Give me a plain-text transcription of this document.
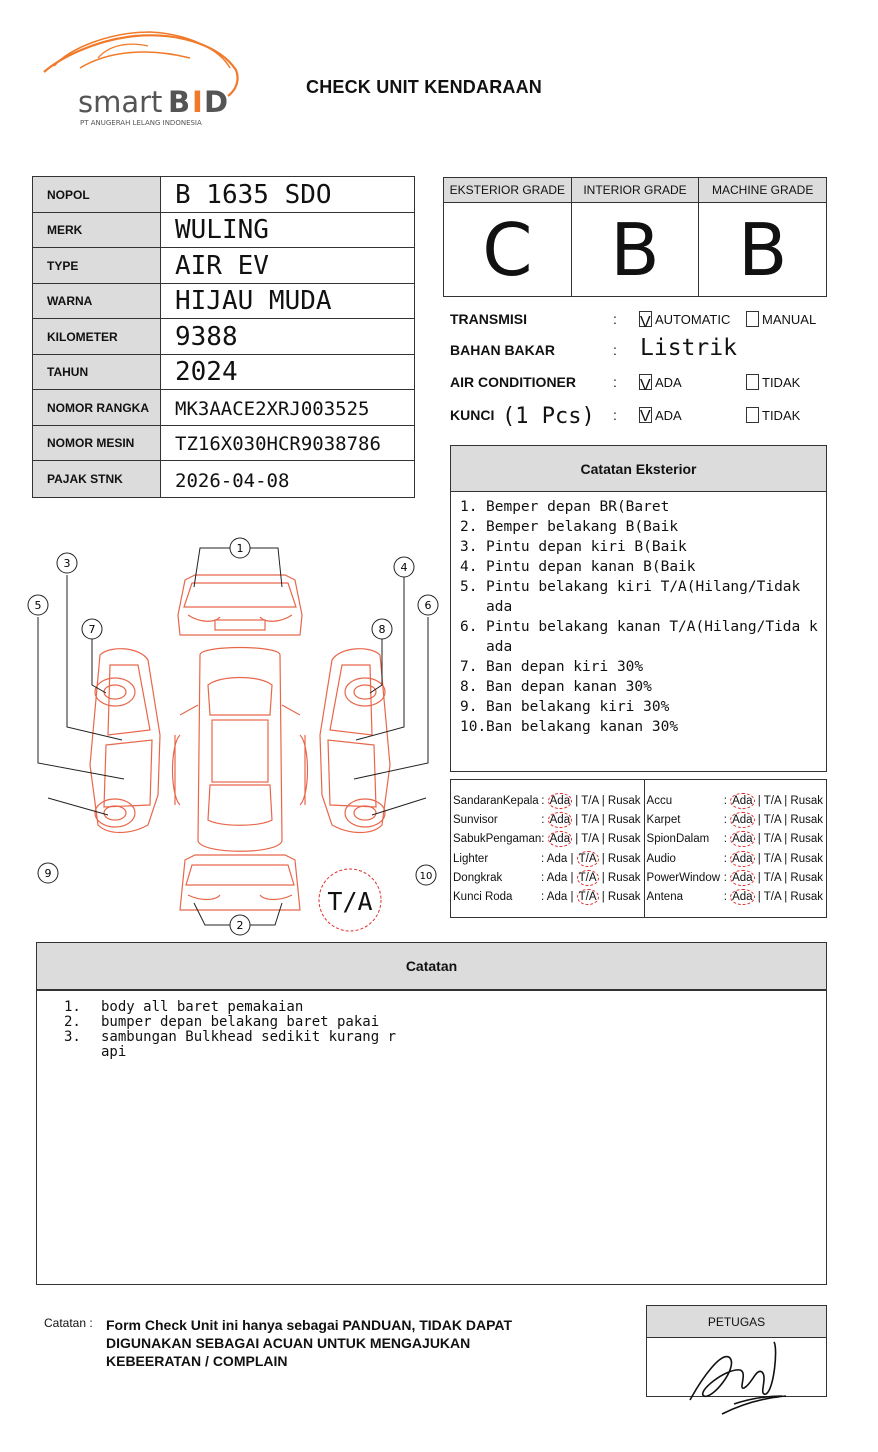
smart B I D
PT ANUGERAH LELANG INDONESIA
CHECK UNIT KENDARAAN
NOPOL	B 1635 SDO
MERK	WULING
TYPE	AIR EV
WARNA	HIJAU MUDA
KILOMETER	9388
TAHUN	2024
NOMOR RANGKA	MK3AACE2XRJ003525
NOMOR MESIN	TZ16X030HCR9038786
PAJAK STNK	2026-04-08
EKSTERIOR GRADE
C
INTERIOR GRADE
B
MACHINE GRADE
B
TRANSMISI	: V AUTOMATIC MANUAL
BAHAN BAKAR	: Listrik
AIR CONDITIONER	: V ADA	TIDAK
KUNCI (1 Pcs) : V ADA	TIDAK
Catatan Eksterior
1. Bemper depan BR(Baret
2. Bemper belakang B(Baik
3. Pintu depan kiri B(Baik
4. Pintu depan kanan B(Baik
5. Pintu belakang kiri T/A(Hilang/Tidak ada
6. Pintu belakang kanan T/A(Hilang/Tida k ada
7. Ban depan kiri 30%
8. Ban depan kanan 30%
9. Ban belakang kiri 30%
10. Ban belakang kanan 30%
SandaranKepala : Ada | T/A | Rusak
Sunvisor	: Ada | T/A | Rusak
SabukPengaman : Ada | T/A | Rusak
Lighter	: Ada | T/A | Rusak
Dongkrak	: Ada | T/A | Rusak
Kunci Roda : Ada | T/A | Rusak
Accu	: Ada | T/A | Rusak
Karpet	: Ada | T/A | Rusak
SpionDalam : Ada | T/A | Rusak
Audio	: Ada | T/A | Rusak
PowerWindow : Ada | T/A | Rusak
Antena	: Ada | T/A | Rusak
1
2
3	4
5	6
7	8
9	10
T/A
Catatan
1.	body all baret pemakaian
2.	bumper depan belakang baret pakai
3.	sambungan Bulkhead sedikit kurang r
api
Catatan : Form Check Unit ini hanya sebagai PANDUAN, TIDAK DAPAT DIGUNAKAN SEBAGAI ACUAN UNTUK MENGAJUKAN KEBEERATAN / COMPLAIN
PETUGAS
